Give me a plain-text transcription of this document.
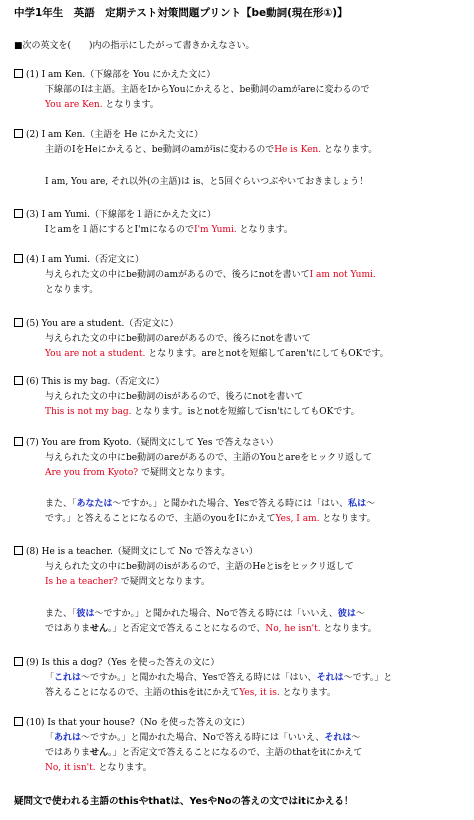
中学1年生　英語　定期テスト対策問題プリント【be動詞(現在形①)】
■次の英文を(　　)内の指示にしたがって書きかえなさい。
(1) I am Ken.（下線部を You にかえた文に）
下線部のIは主語。主語をIからYouにかえると、be動詞のamがareに変わるので
You are Ken. となります。
(2) I am Ken.（主語を He にかえた文に）
主語のIをHeにかえると、be動詞のamがisに変わるのでHe is Ken. となります。
I am, You are, それ以外(の主語)は is、と5回ぐらいつぶやいておきましょう！
(3) I am Yumi.（下線部を１語にかえた文に）
Iとamを１語にするとI'mになるのでI'm Yumi. となります。
(4) I am Yumi.（否定文に）
与えられた文の中にbe動詞のamがあるので、後ろにnotを書いてI am not Yumi.
となります。
(5) You are a student.（否定文に）
与えられた文の中にbe動詞のareがあるので、後ろにnotを書いて
You are not a student. となります。areとnotを短縮してaren'tにしてもOKです。
(6) This is my bag.（否定文に）
与えられた文の中にbe動詞のisがあるので、後ろにnotを書いて
This is not my bag. となります。isとnotを短縮してisn'tにしてもOKです。
(7) You are from Kyoto.（疑問文にして Yes で答えなさい）
与えられた文の中にbe動詞のareがあるので、主語のYouとareをヒックリ返して
Are you from Kyoto? で疑問文となります。
また、「あなたは～ですか。」と聞かれた場合、Yesで答える時には「はい、私は～
です。」と答えることになるので、主語のyouをIにかえてYes, I am. となります。
(8) He is a teacher.（疑問文にして No で答えなさい）
与えられた文の中にbe動詞のisがあるので、主語のHeとisをヒックリ返して
Is he a teacher? で疑問文となります。
また、「彼は～ですか。」と聞かれた場合、Noで答える時には「いいえ、彼は～
ではありません。」と否定文で答えることになるので、No, he isn't. となります。
(9) Is this a dog?（Yes を使った答えの文に）
「これは～ですか。」と聞かれた場合、Yesで答える時には「はい、それは～です。」と
答えることになるので、主語のthisをitにかえてYes, it is. となります。
(10) Is that your house?（No を使った答えの文に）
「あれは～ですか。」と聞かれた場合、Noで答える時には「いいえ、それは～
ではありません。」と否定文で答えることになるので、主語のthatをitにかえて
No, it isn't. となります。
疑問文で使われる主語のthisやthatは、YesやNoの答えの文ではitにかえる！
